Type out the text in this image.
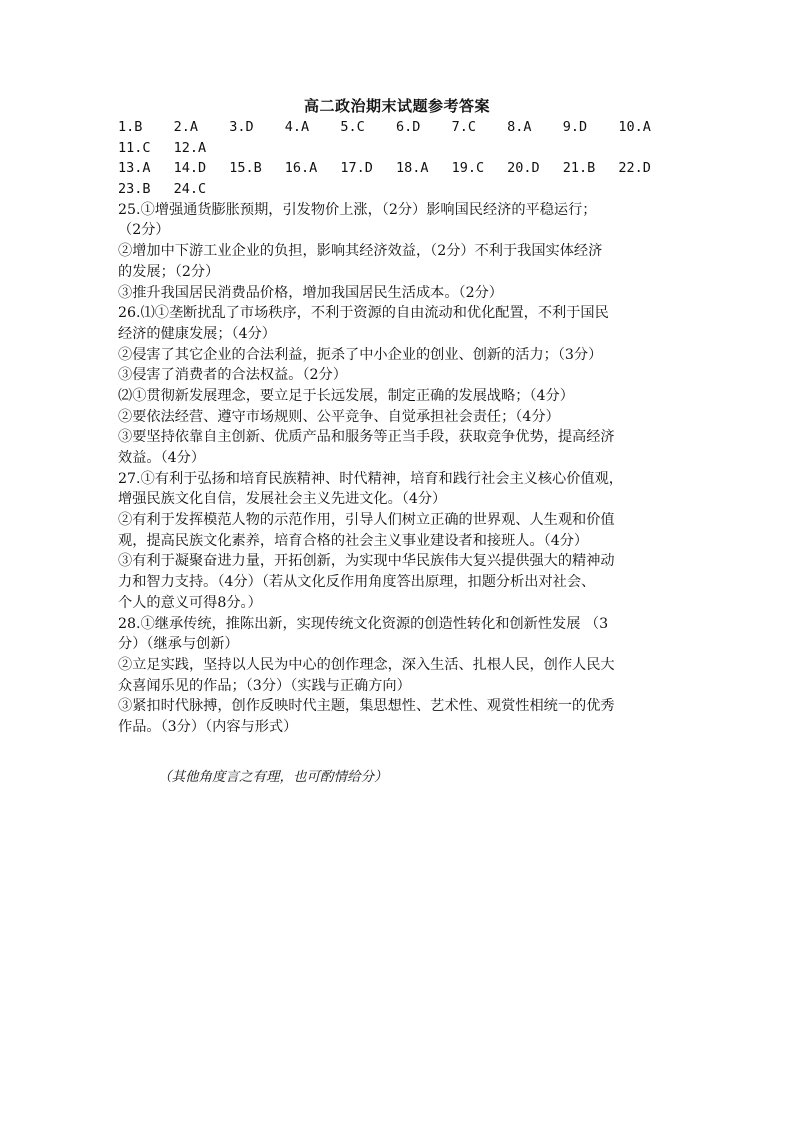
高二政治期末试题参考答案
1.B 2.A 3.D 4.A 5.C 6.D 7.C 8.A 9.D 10.A
11.C 12.A
13.A 14.D 15.B 16.A 17.D 18.A 19.C 20.D 21.B 22.D
23.B 24.C
25.①增强通货膨胀预期，引发物价上涨，（2分）影响国民经济的平稳运行；
（2分）
②增加中下游工业企业的负担，影响其经济效益，（2分）不利于我国实体经济
的发展；（2分）
③推升我国居民消费品价格，增加我国居民生活成本。（2分）
26.⑴①垄断扰乱了市场秩序，不利于资源的自由流动和优化配置，不利于国民
经济的健康发展；（4分）
②侵害了其它企业的合法利益，扼杀了中小企业的创业、创新的活力；（3分）
③侵害了消费者的合法权益。（2分）
⑵①贯彻新发展理念，要立足于长远发展，制定正确的发展战略；（4分）
②要依法经营、遵守市场规则、公平竞争、自觉承担社会责任；（4分）
③要坚持依靠自主创新、优质产品和服务等正当手段，获取竞争优势，提高经济
效益。（4分）
27.①有利于弘扬和培育民族精神、时代精神，培育和践行社会主义核心价值观，
增强民族文化自信，发展社会主义先进文化。（4分）
②有利于发挥模范人物的示范作用，引导人们树立正确的世界观、人生观和价值
观，提高民族文化素养，培育合格的社会主义事业建设者和接班人。（4分）
③有利于凝聚奋进力量，开拓创新，为实现中华民族伟大复兴提供强大的精神动
力和智力支持。（4分）（若从文化反作用角度答出原理，扣题分析出对社会、
个人的意义可得8分。）
28.①继承传统，推陈出新，实现传统文化资源的创造性转化和创新性发展 （3
分）（继承与创新）
②立足实践，坚持以人民为中心的创作理念，深入生活、扎根人民，创作人民大
众喜闻乐见的作品；（3分）（实践与正确方向）
③紧扣时代脉搏，创作反映时代主题，集思想性、艺术性、观赏性相统一的优秀
作品。（3分）（内容与形式）
（其他角度言之有理，也可酌情给分）
